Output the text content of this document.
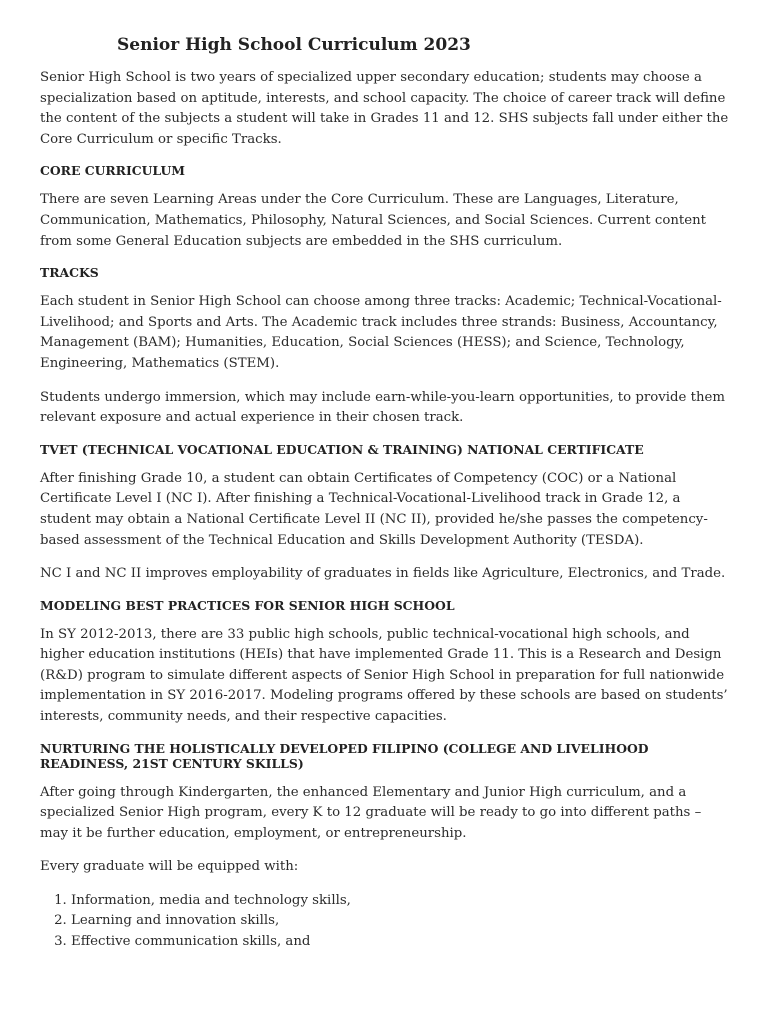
Senior High School Curriculum 2023

Senior High School is two years of specialized upper secondary education; students may choose a specialization based on aptitude, interests, and school capacity. The choice of career track will define the content of the subjects a student will take in Grades 11 and 12. SHS subjects fall under either the Core Curriculum or specific Tracks.

CORE CURRICULUM

There are seven Learning Areas under the Core Curriculum. These are Languages, Literature, Communication, Mathematics, Philosophy, Natural Sciences, and Social Sciences. Current content from some General Education subjects are embedded in the SHS curriculum.

TRACKS

Each student in Senior High School can choose among three tracks: Academic; Technical-Vocational-Livelihood; and Sports and Arts. The Academic track includes three strands: Business, Accountancy, Management (BAM); Humanities, Education, Social Sciences (HESS); and Science, Technology, Engineering, Mathematics (STEM).

Students undergo immersion, which may include earn-while-you-learn opportunities, to provide them relevant exposure and actual experience in their chosen track.

TVET (TECHNICAL VOCATIONAL EDUCATION & TRAINING) NATIONAL CERTIFICATE

After finishing Grade 10, a student can obtain Certificates of Competency (COC) or a National Certificate Level I (NC I). After finishing a Technical-Vocational-Livelihood track in Grade 12, a student may obtain a National Certificate Level II (NC II), provided he/she passes the competency-based assessment of the Technical Education and Skills Development Authority (TESDA).

NC I and NC II improves employability of graduates in fields like Agriculture, Electronics, and Trade.

MODELING BEST PRACTICES FOR SENIOR HIGH SCHOOL

In SY 2012-2013, there are 33 public high schools, public technical-vocational high schools, and higher education institutions (HEIs) that have implemented Grade 11. This is a Research and Design (R&D) program to simulate different aspects of Senior High School in preparation for full nationwide implementation in SY 2016-2017. Modeling programs offered by these schools are based on students’ interests, community needs, and their respective capacities.

NURTURING THE HOLISTICALLY DEVELOPED FILIPINO (COLLEGE AND LIVELIHOOD READINESS, 21ST CENTURY SKILLS)

After going through Kindergarten, the enhanced Elementary and Junior High curriculum, and a specialized Senior High program, every K to 12 graduate will be ready to go into different paths – may it be further education, employment, or entrepreneurship.

Every graduate will be equipped with:

1. Information, media and technology skills,
2. Learning and innovation skills,
3. Effective communication skills, and
